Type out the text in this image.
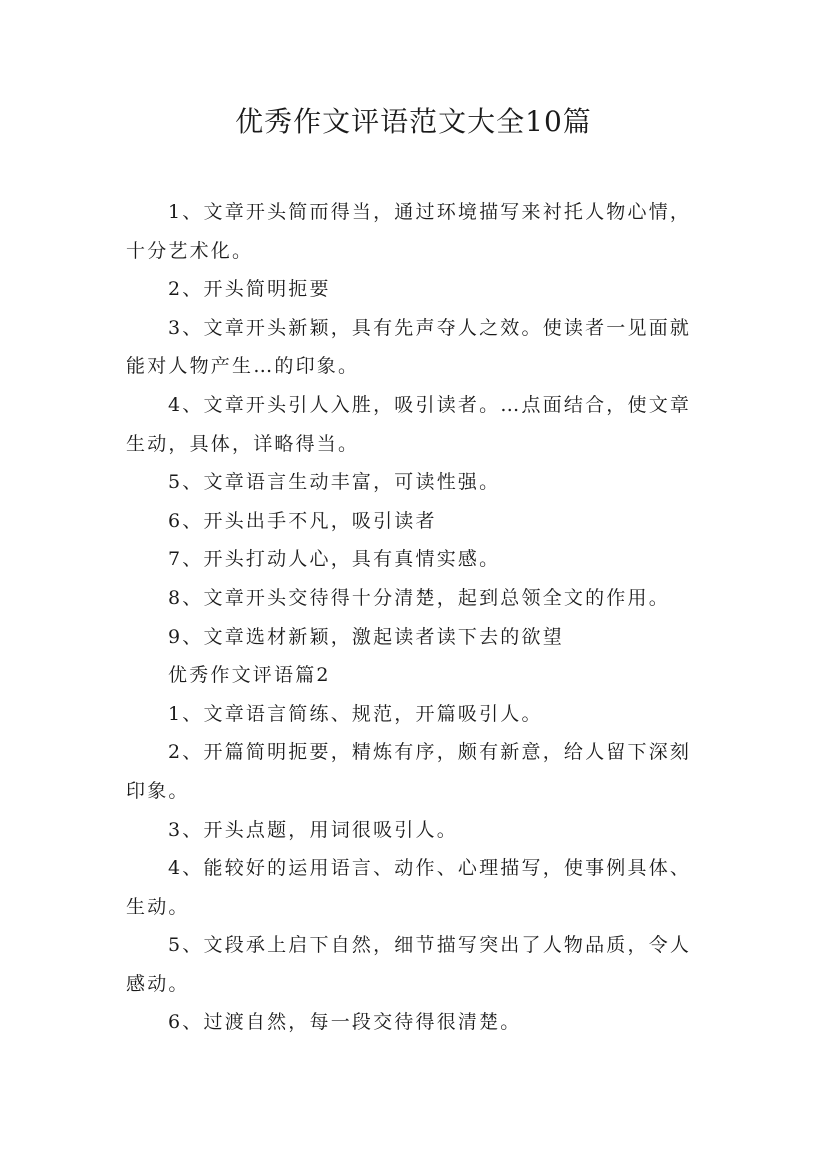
优秀作文评语范文大全10篇

1、文章开头简而得当，通过环境描写来衬托人物心情，十分艺术化。

2、开头简明扼要

3、文章开头新颖，具有先声夺人之效。使读者一见面就能对人物产生…的印象。

4、文章开头引人入胜，吸引读者。…点面结合，使文章生动，具体，详略得当。

5、文章语言生动丰富，可读性强。

6、开头出手不凡，吸引读者

7、开头打动人心，具有真情实感。

8、文章开头交待得十分清楚，起到总领全文的作用。

9、文章选材新颖，激起读者读下去的欲望

优秀作文评语篇2

1、文章语言简练、规范，开篇吸引人。

2、开篇简明扼要，精炼有序，颇有新意，给人留下深刻印象。

3、开头点题，用词很吸引人。

4、能较好的运用语言、动作、心理描写，使事例具体、生动。

5、文段承上启下自然，细节描写突出了人物品质，令人感动。

6、过渡自然，每一段交待得很清楚。
